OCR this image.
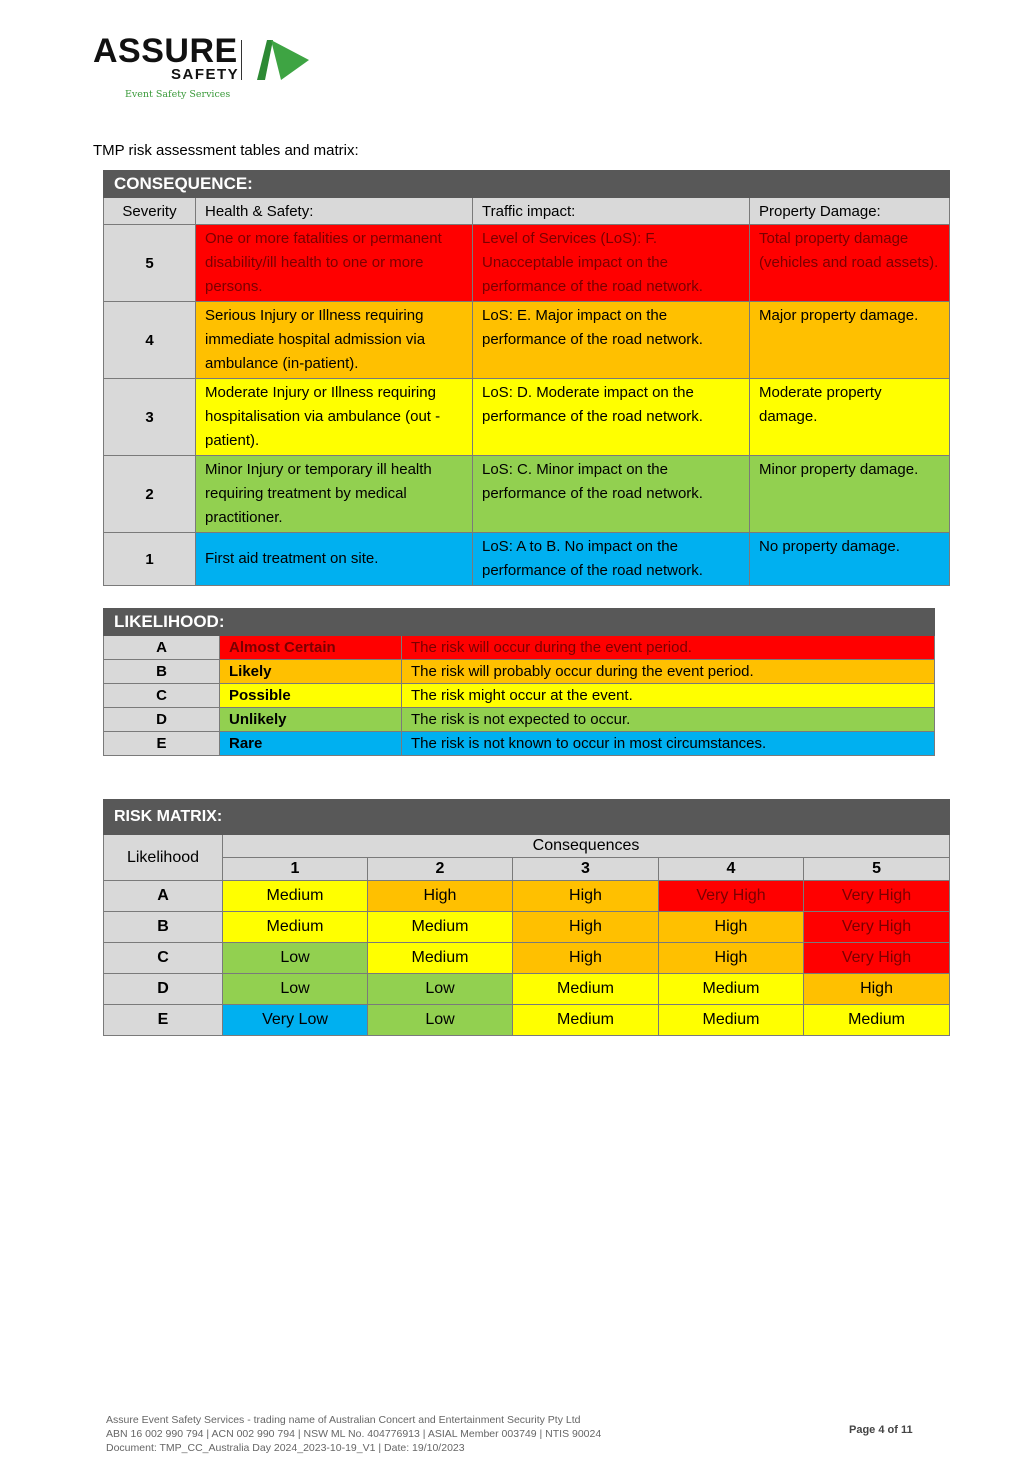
ASSURE
SAFETY
Event Safety Services
TMP risk assessment tables and matrix:
CONSEQUENCE:			
Severity	Health & Safety:	Traffic impact:	Property Damage:
5	One or more fatalities or permanent disability/ill health to one or more persons.	Level of Services (LoS): F. Unacceptable impact on the performance of the road network.	Total property damage (vehicles and road assets).
4	Serious Injury or Illness requiring immediate hospital admission via ambulance (in-patient).	LoS: E. Major impact on the performance of the road network.	Major property damage.
3	Moderate Injury or Illness requiring hospitalisation via ambulance (out -patient).	LoS: D. Moderate impact on the performance of the road network.	Moderate property damage.
2	Minor Injury or temporary ill health requiring treatment by medical practitioner.	LoS: C. Minor impact on the performance of the road network.	Minor property damage.
1	First aid treatment on site.	LoS: A to B. No impact on the performance of the road network.	No property damage.
LIKELIHOOD:		
A	Almost Certain	The risk will occur during the event period.
B	Likely	The risk will probably occur during the event period.
C	Possible	The risk might occur at the event.
D	Unlikely	The risk is not expected to occur.
E	Rare	The risk is not known to occur in most circumstances.
RISK MATRIX:					
Likelihood	Consequences				
	1	2	3	4	5
A	Medium	High	High	Very High	Very High
B	Medium	Medium	High	High	Very High
C	Low	Medium	High	High	Very High
D	Low	Low	Medium	Medium	High
E	Very Low	Low	Medium	Medium	Medium
Assure Event Safety Services - trading name of Australian Concert and Entertainment Security Pty Ltd
ABN 16 002 990 794 | ACN 002 990 794 | NSW ML No. 404776913 | ASIAL Member 003749 | NTIS 90024
Document: TMP_CC_Australia Day 2024_2023-10-19_V1 | Date: 19/10/2023
Page 4 of 11
